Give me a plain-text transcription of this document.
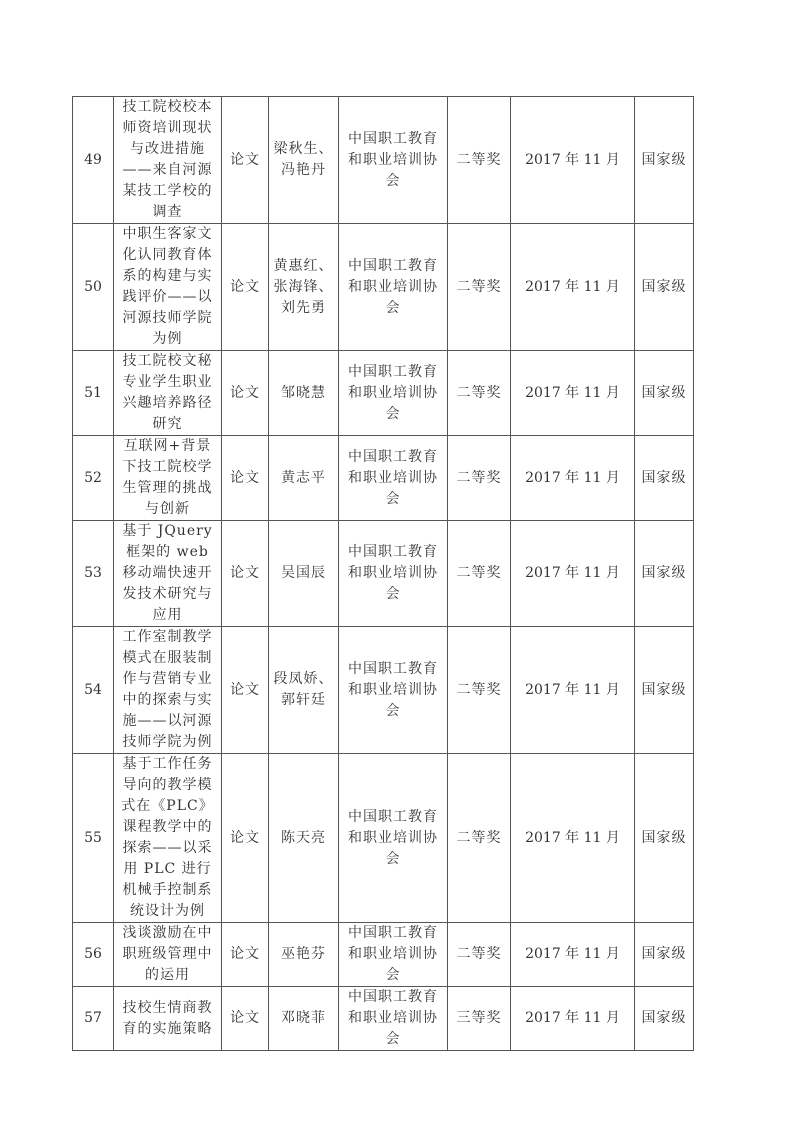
49	技工院校校本师资培训现状与改进措施——来自河源某技工学校的调查	论文	梁秋生、冯艳丹	中国职工教育和职业培训协会	二等奖	2017 年 11 月	国家级
50	中职生客家文化认同教育体系的构建与实践评价——以河源技师学院为例	论文	黄惠红、张海锋、刘先勇	中国职工教育和职业培训协会	二等奖	2017 年 11 月	国家级
51	技工院校文秘专业学生职业兴趣培养路径研究	论文	邹晓慧	中国职工教育和职业培训协会	二等奖	2017 年 11 月	国家级
52	互联网+背景下技工院校学生管理的挑战与创新	论文	黄志平	中国职工教育和职业培训协会	二等奖	2017 年 11 月	国家级
53	基于 JQuery 框架的 web 移动端快速开发技术研究与应用	论文	吴国辰	中国职工教育和职业培训协会	二等奖	2017 年 11 月	国家级
54	工作室制教学模式在服装制作与营销专业中的探索与实施——以河源技师学院为例	论文	段凤娇、郭轩廷	中国职工教育和职业培训协会	二等奖	2017 年 11 月	国家级
55	基于工作任务导向的教学模式在《PLC》课程教学中的探索——以采用 PLC 进行机械手控制系统设计为例	论文	陈天亮	中国职工教育和职业培训协会	二等奖	2017 年 11 月	国家级
56	浅谈激励在中职班级管理中的运用	论文	巫艳芬	中国职工教育和职业培训协会	二等奖	2017 年 11 月	国家级
57	技校生情商教育的实施策略	论文	邓晓菲	中国职工教育和职业培训协会	三等奖	2017 年 11 月	国家级
